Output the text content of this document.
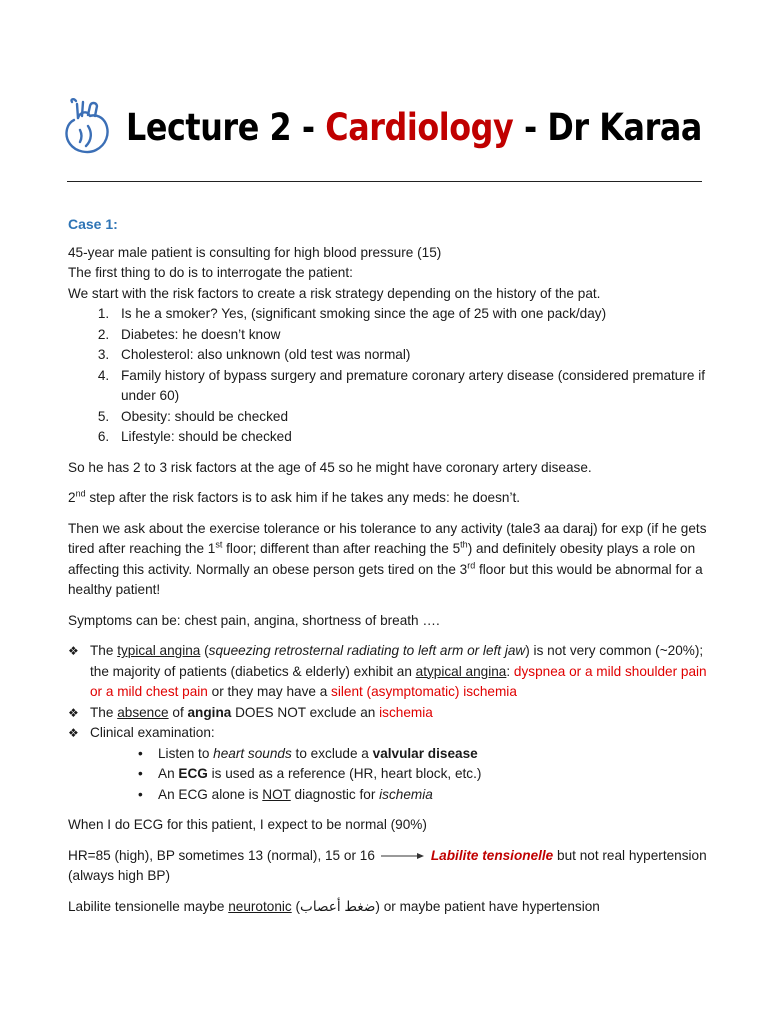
Lecture 2 - Cardiology - Dr Karaa

Case 1:

45-year male patient is consulting for high blood pressure (15)

The first thing to do is to interrogate the patient:

We start with the risk factors to create a risk strategy depending on the history of the pat.

1. Is he a smoker? Yes, (significant smoking since the age of 25 with one pack/day)
2. Diabetes: he doesn’t know
3. Cholesterol: also unknown (old test was normal)
4. Family history of bypass surgery and premature coronary artery disease (considered premature if under 60)
5. Obesity: should be checked
6. Lifestyle: should be checked

So he has 2 to 3 risk factors at the age of 45 so he might have coronary artery disease.

2nd step after the risk factors is to ask him if he takes any meds: he doesn’t.

Then we ask about the exercise tolerance or his tolerance to any activity (tale3 aa daraj) for exp (if he gets tired after reaching the 1st floor; different than after reaching the 5th) and definitely obesity plays a role on affecting this activity. Normally an obese person gets tired on the 3rd floor but this would be abnormal for a healthy patient!

Symptoms can be: chest pain, angina, shortness of breath ….

❖ The typical angina (squeezing retrosternal radiating to left arm or left jaw) is not very common (~20%); the majority of patients (diabetics & elderly) exhibit an atypical angina: dyspnea or a mild shoulder pain or a mild chest pain or they may have a silent (asymptomatic) ischemia
❖ The absence of angina DOES NOT exclude an ischemia
❖ Clinical examination:
• Listen to heart sounds to exclude a valvular disease
• An ECG is used as a reference (HR, heart block, etc.)
• An ECG alone is NOT diagnostic for ischemia

When I do ECG for this patient, I expect to be normal (90%)

HR=85 (high), BP sometimes 13 (normal), 15 or 16	Labilite tensionelle but not real hypertension (always high BP)

Labilite tensionelle maybe neurotonic (ضغط أعصاب) or maybe patient have hypertension
